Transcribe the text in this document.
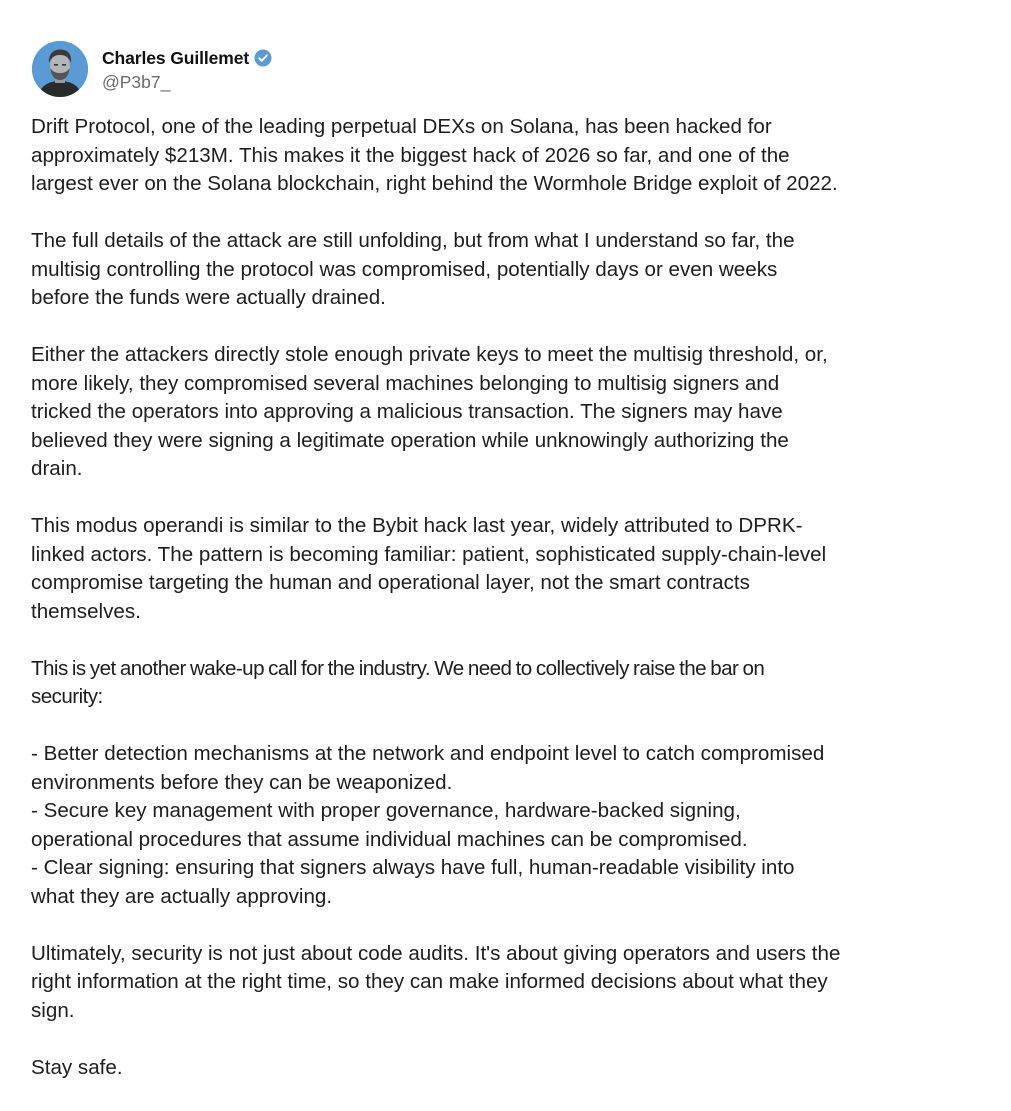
Charles Guillemet
@P3b7_

Drift Protocol, one of the leading perpetual DEXs on Solana, has been hacked for
approximately $213M. This makes it the biggest hack of 2026 so far, and one of the
largest ever on the Solana blockchain, right behind the Wormhole Bridge exploit of 2022.

The full details of the attack are still unfolding, but from what I understand so far, the
multisig controlling the protocol was compromised, potentially days or even weeks
before the funds were actually drained.

Either the attackers directly stole enough private keys to meet the multisig threshold, or,
more likely, they compromised several machines belonging to multisig signers and
tricked the operators into approving a malicious transaction. The signers may have
believed they were signing a legitimate operation while unknowingly authorizing the
drain.

This modus operandi is similar to the Bybit hack last year, widely attributed to DPRK-
linked actors. The pattern is becoming familiar: patient, sophisticated supply-chain-level
compromise targeting the human and operational layer, not the smart contracts
themselves.

This is yet another wake-up call for the industry. We need to collectively raise the bar on
security:

- Better detection mechanisms at the network and endpoint level to catch compromised
environments before they can be weaponized.
- Secure key management with proper governance, hardware-backed signing,
operational procedures that assume individual machines can be compromised.
- Clear signing: ensuring that signers always have full, human-readable visibility into
what they are actually approving.

Ultimately, security is not just about code audits. It's about giving operators and users the
right information at the right time, so they can make informed decisions about what they
sign.

Stay safe.
